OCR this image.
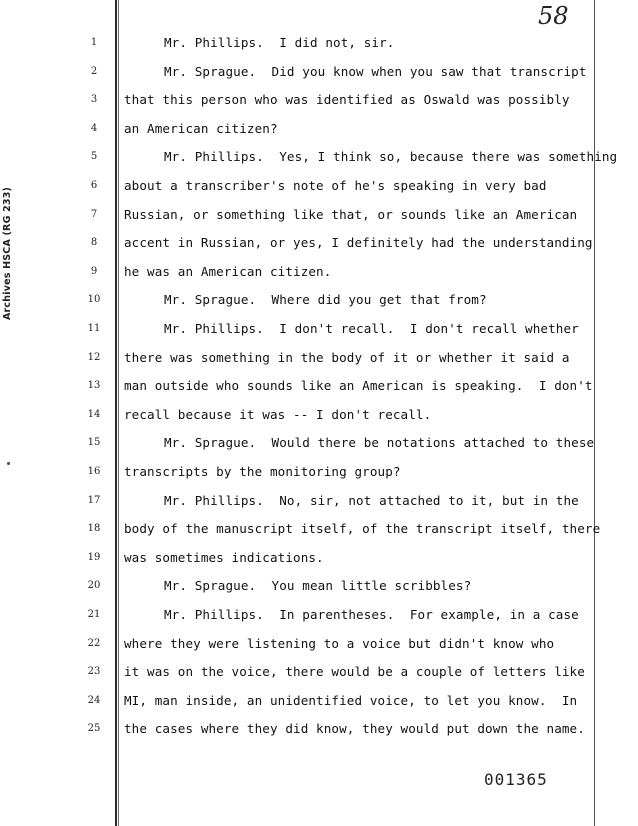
Archives HSCA (RG 233)
58
1	Mr. Phillips.  I did not, sir.
2	Mr. Sprague.  Did you know when you saw that transcript
3	that this person who was identified as Oswald was possibly
4	an American citizen?
5	Mr. Phillips.  Yes, I think so, because there was something
6	about a transcriber's note of he's speaking in very bad
7	Russian, or something like that, or sounds like an American
8	accent in Russian, or yes, I definitely had the understanding
9	he was an American citizen.
10	Mr. Sprague.  Where did you get that from?
11	Mr. Phillips.  I don't recall.  I don't recall whether
12	there was something in the body of it or whether it said a
13	man outside who sounds like an American is speaking.  I don't
14	recall because it was -- I don't recall.
15	Mr. Sprague.  Would there be notations attached to these
16	transcripts by the monitoring group?
17	Mr. Phillips.  No, sir, not attached to it, but in the
18	body of the manuscript itself, of the transcript itself, there
19	was sometimes indications.
20	Mr. Sprague.  You mean little scribbles?
21	Mr. Phillips.  In parentheses.  For example, in a case
22	where they were listening to a voice but didn't know who
23	it was on the voice, there would be a couple of letters like
24	MI, man inside, an unidentified voice, to let you know.  In
25	the cases where they did know, they would put down the name.
001365
